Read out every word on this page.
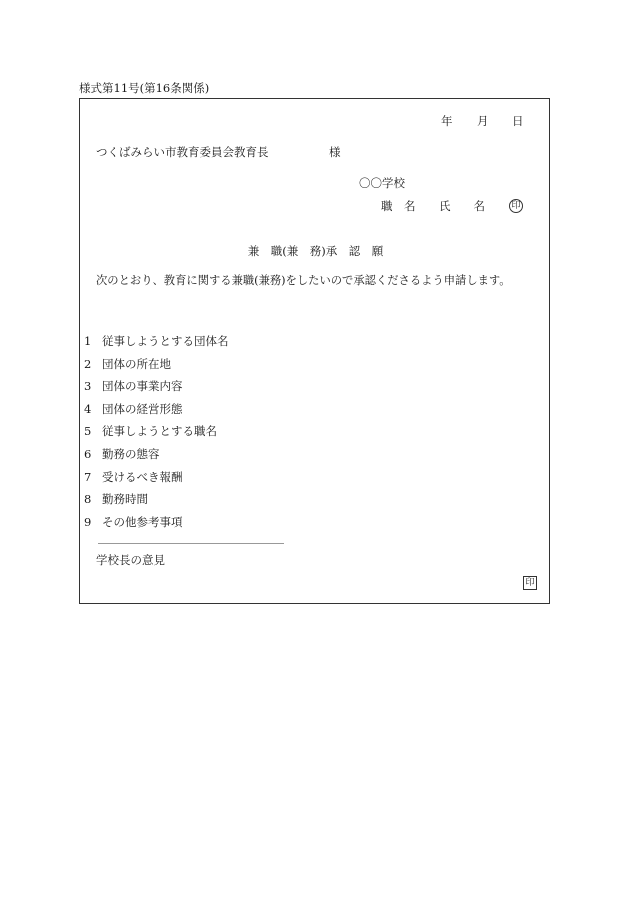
様式第11号(第16条関係)
年 月 日
つくばみらい市教育委員会教育長	様
〇〇学校
職　名 氏　　名	印
兼　職(兼　務)承　認　願
次のとおり、教育に関する兼職(兼務)をしたいので承認くださるよう申請します。
1 従事しようとする団体名
2 団体の所在地
3 団体の事業内容
4 団体の経営形態
5 従事しようとする職名
6 勤務の態容
7 受けるべき報酬
8 勤務時間
9 その他参考事項
学校長の意見
印
